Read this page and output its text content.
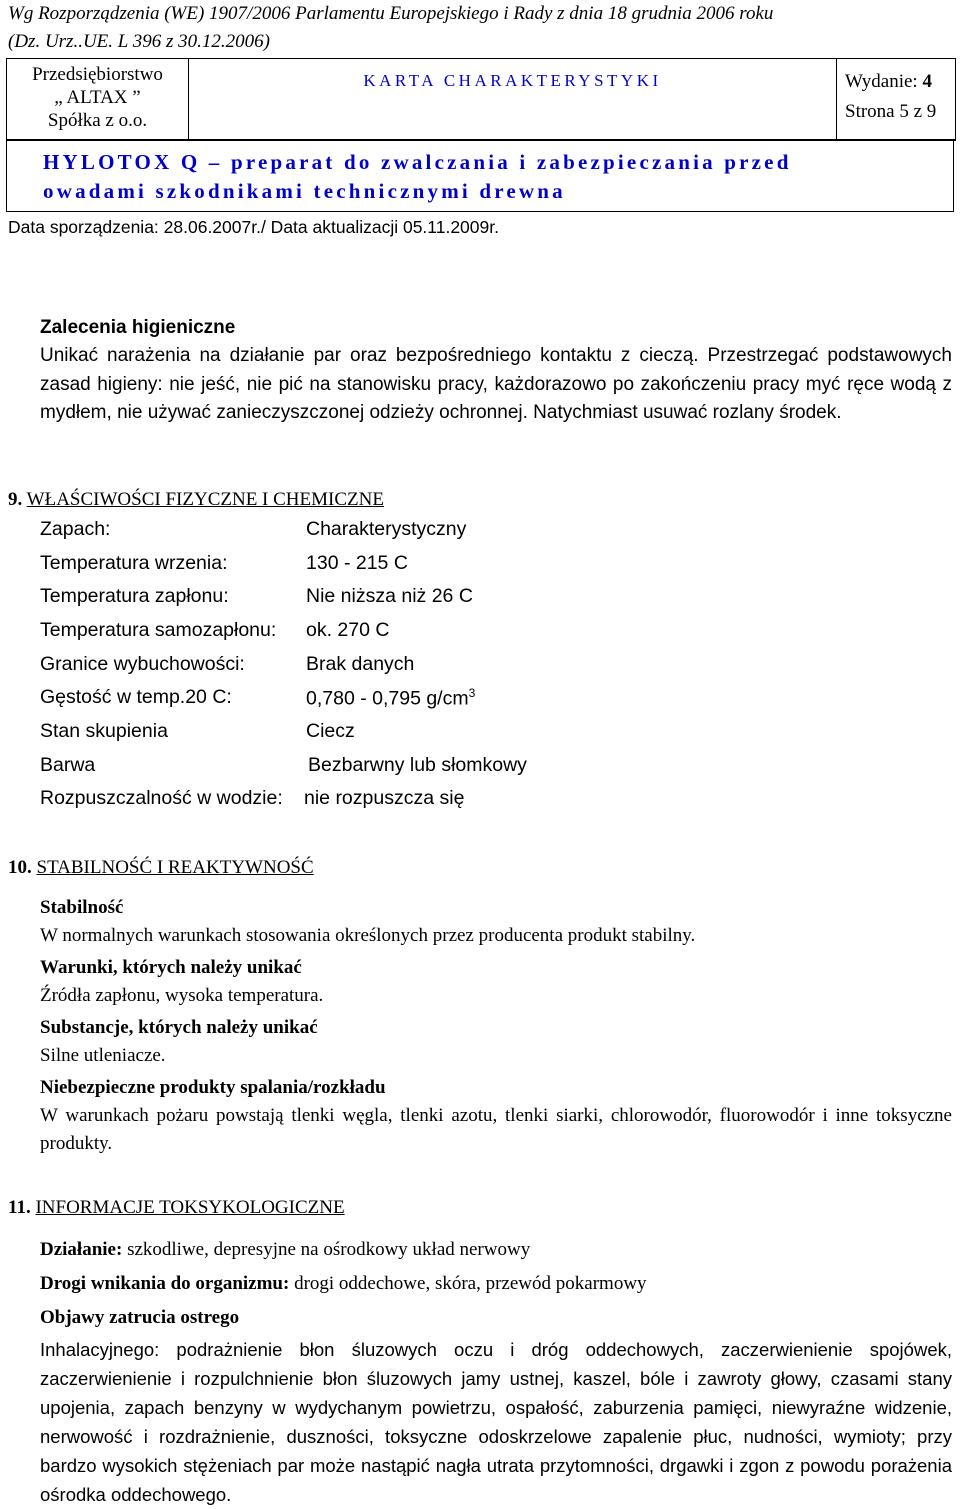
Wg Rozporządzenia (WE) 1907/2006 Parlamentu Europejskiego i Rady z dnia 18 grudnia 2006 roku
(Dz. Urz..UE. L 396 z 30.12.2006)
Przedsiębiorstwo
„ ALTAX ”
Spółka z o.o.
KARTA CHARAKTERYSTYKI	Wydanie: 4
Strona 5 z 9
HYLOTOX Q – preparat do zwalczania i zabezpieczania przed
owadami szkodnikami technicznymi drewna
Data sporządzenia: 28.06.2007r./ Data aktualizacji 05.11.2009r.
Zalecenia higieniczne
Unikać narażenia na działanie par oraz bezpośredniego kontaktu z cieczą. Przestrzegać podstawowych zasad higieny: nie jeść, nie pić na stanowisku pracy, każdorazowo po zakończeniu pracy myć ręce wodą z mydłem, nie używać zanieczyszczonej odzieży ochronnej. Natychmiast usuwać rozlany środek.
9. WŁAŚCIWOŚCI FIZYCZNE I CHEMICZNE
Zapach:	Charakterystyczny
Temperatura wrzenia:	130 - 215 C
Temperatura zapłonu:	Nie niższa niż 26 C
Temperatura samozapłonu: ok. 270 C
Granice wybuchowości:	Brak danych
Gęstość w temp.20 C:	0,780 - 0,795 $g/cm^3$
Stan skupienia	Ciecz
Barwa	Bezbarwny lub słomkowy
Rozpuszczalność w wodzie: nie rozpuszcza się
10. STABILNOŚĆ I REAKTYWNOŚĆ
Stabilność
W normalnych warunkach stosowania określonych przez producenta produkt stabilny.
Warunki, których należy unikać
Źródła zapłonu, wysoka temperatura.
Substancje, których należy unikać
Silne utleniacze.
Niebezpieczne produkty spalania/rozkładu
W warunkach pożaru powstają tlenki węgla, tlenki azotu, tlenki siarki, chlorowodór, fluorowodór i inne toksyczne produkty.
11. INFORMACJE TOKSYKOLOGICZNE
Działanie: szkodliwe, depresyjne na ośrodkowy układ nerwowy
Drogi wnikania do organizmu: drogi oddechowe, skóra, przewód pokarmowy
Objawy zatrucia ostrego
Inhalacyjnego: podrażnienie błon śluzowych oczu i dróg oddechowych, zaczerwienienie spojówek, zaczerwienienie i rozpulchnienie błon śluzowych jamy ustnej, kaszel, bóle i zawroty głowy, czasami stany upojenia, zapach benzyny w wydychanym powietrzu, ospałość, zaburzenia pamięci, niewyraźne widzenie, nerwowość i rozdrażnienie, duszności, toksyczne odoskrzelowe zapalenie płuc, nudności, wymioty; przy bardzo wysokich stężeniach par może nastąpić nagła utrata przytomności, drgawki i zgon z powodu porażenia ośrodka oddechowego.
